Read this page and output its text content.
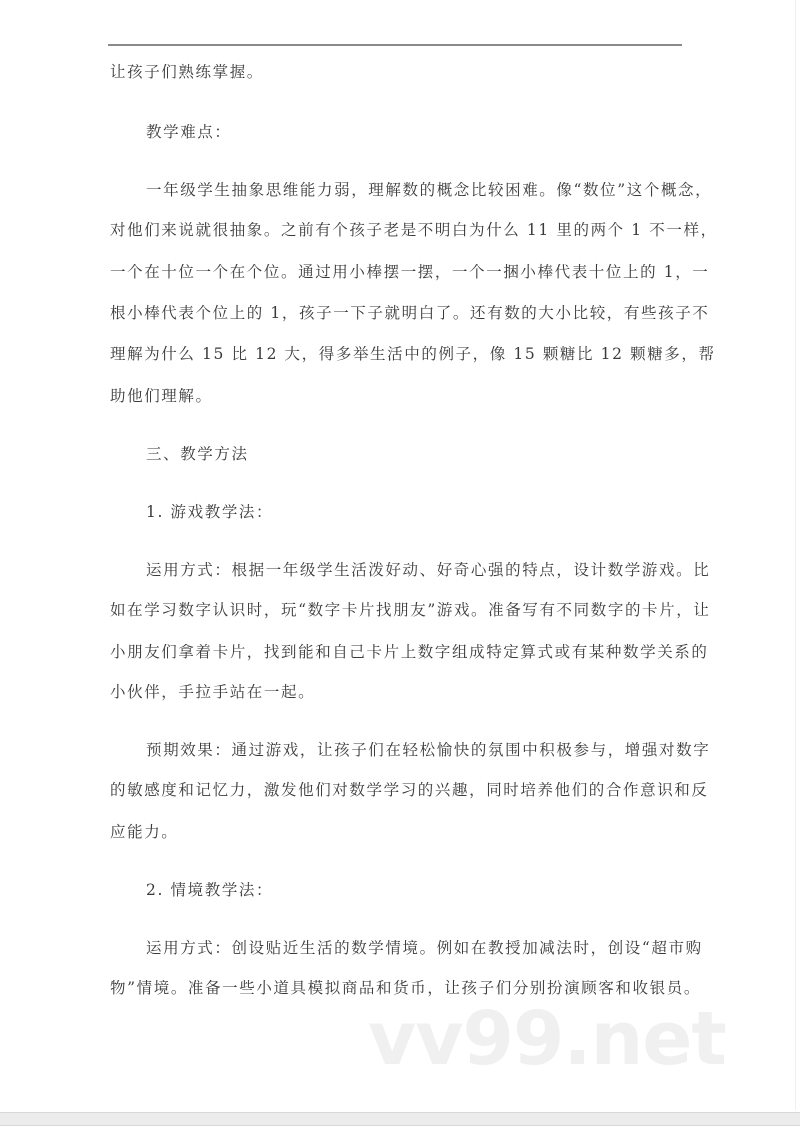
让孩子们熟练掌握。
教学难点：
一年级学生抽象思维能力弱，理解数的概念比较困难。像“数位”这个概念，
对他们来说就很抽象。之前有个孩子老是不明白为什么 11 里的两个 1 不一样，
一个在十位一个在个位。通过用小棒摆一摆，一个一捆小棒代表十位上的 1，一
根小棒代表个位上的 1，孩子一下子就明白了。还有数的大小比较，有些孩子不
理解为什么 15 比 12 大，得多举生活中的例子，像 15 颗糖比 12 颗糖多，帮
助他们理解。
三、教学方法
1. 游戏教学法：
运用方式：根据一年级学生活泼好动、好奇心强的特点，设计数学游戏。比
如在学习数字认识时，玩“数字卡片找朋友”游戏。准备写有不同数字的卡片，让
小朋友们拿着卡片，找到能和自己卡片上数字组成特定算式或有某种数学关系的
小伙伴，手拉手站在一起。
预期效果：通过游戏，让孩子们在轻松愉快的氛围中积极参与，增强对数字
的敏感度和记忆力，激发他们对数学学习的兴趣，同时培养他们的合作意识和反
应能力。
2. 情境教学法：
运用方式：创设贴近生活的数学情境。例如在教授加减法时，创设“超市购
物”情境。准备一些小道具模拟商品和货币，让孩子们分别扮演顾客和收银员。
vv99.net
